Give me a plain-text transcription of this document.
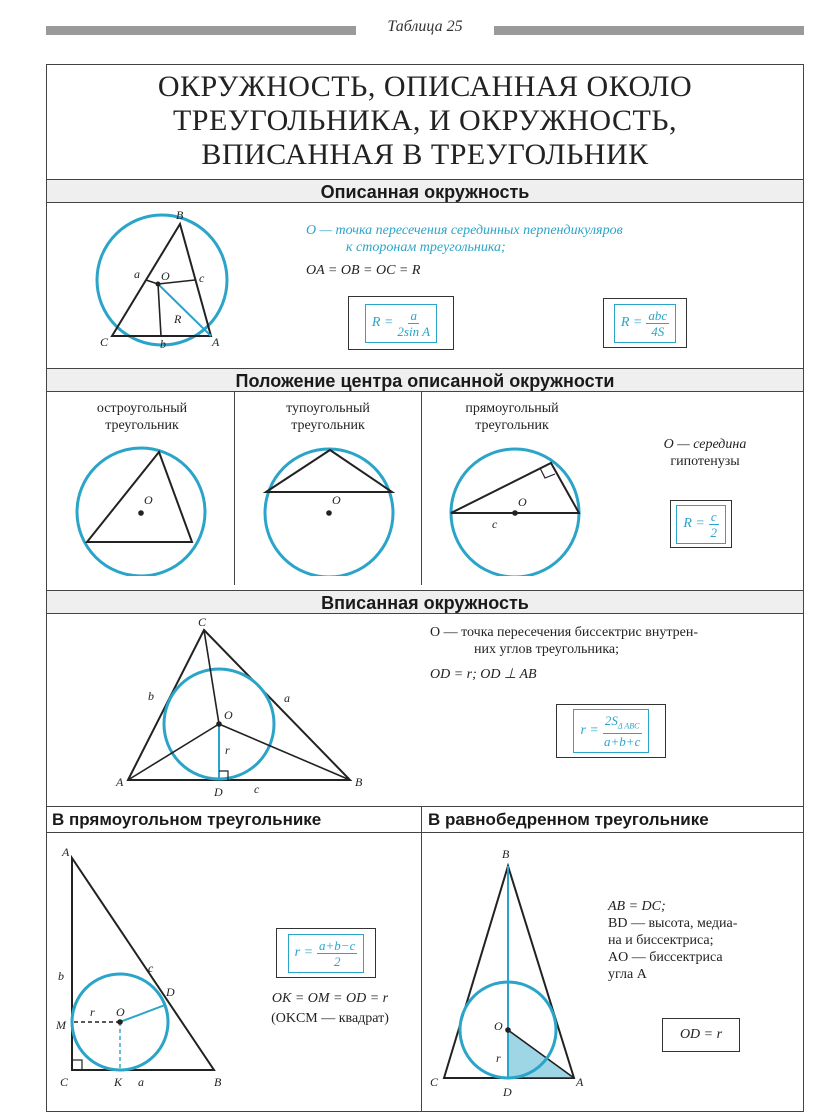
Таблица 25
ОКРУЖНОСТЬ, ОПИСАННАЯ ОКОЛО
ТРЕУГОЛЬНИКА, И ОКРУЖНОСТЬ,
ВПИСАННАЯ В ТРЕУГОЛЬНИК
Описанная окружность
B
C	A
O
a
b
c
R
O — точка пересечения серединных перпендикуляров
к сторонам треугольника;
OA = OB = OC = R
$R = \frac{a}{\text{2sin A}}$	$R = \frac{\text{abc}}{4S}$
Положение центра описанной окружности
остроугольный
треугольник
тупоугольный
треугольник
прямоугольный
треугольник
O	O	O
c
O — середина
гипотенузы
$R = \frac{c}{2}$
Вписанная окружность
C
A	B
D
O
a
b
c
r
O — точка пересечения биссектрис внутрен-
них углов треугольника;
OD = r; OD ⊥ AB
$r = \frac{2S_{\Delta ABC}}{a+b+c}$
В прямоугольном треугольнике	В равнобедренном треугольнике
A
B
C
D
K
M
O
a
b
c
r
$r = \frac{a+b-c}{2}$
OK = OM = OD = r
(OKCM — квадрат)
B
C	A
D
O
r
AB = DC;
BD — высота, медиа-
на и биссектриса;
AO — биссектриса
угла A
OD = r
